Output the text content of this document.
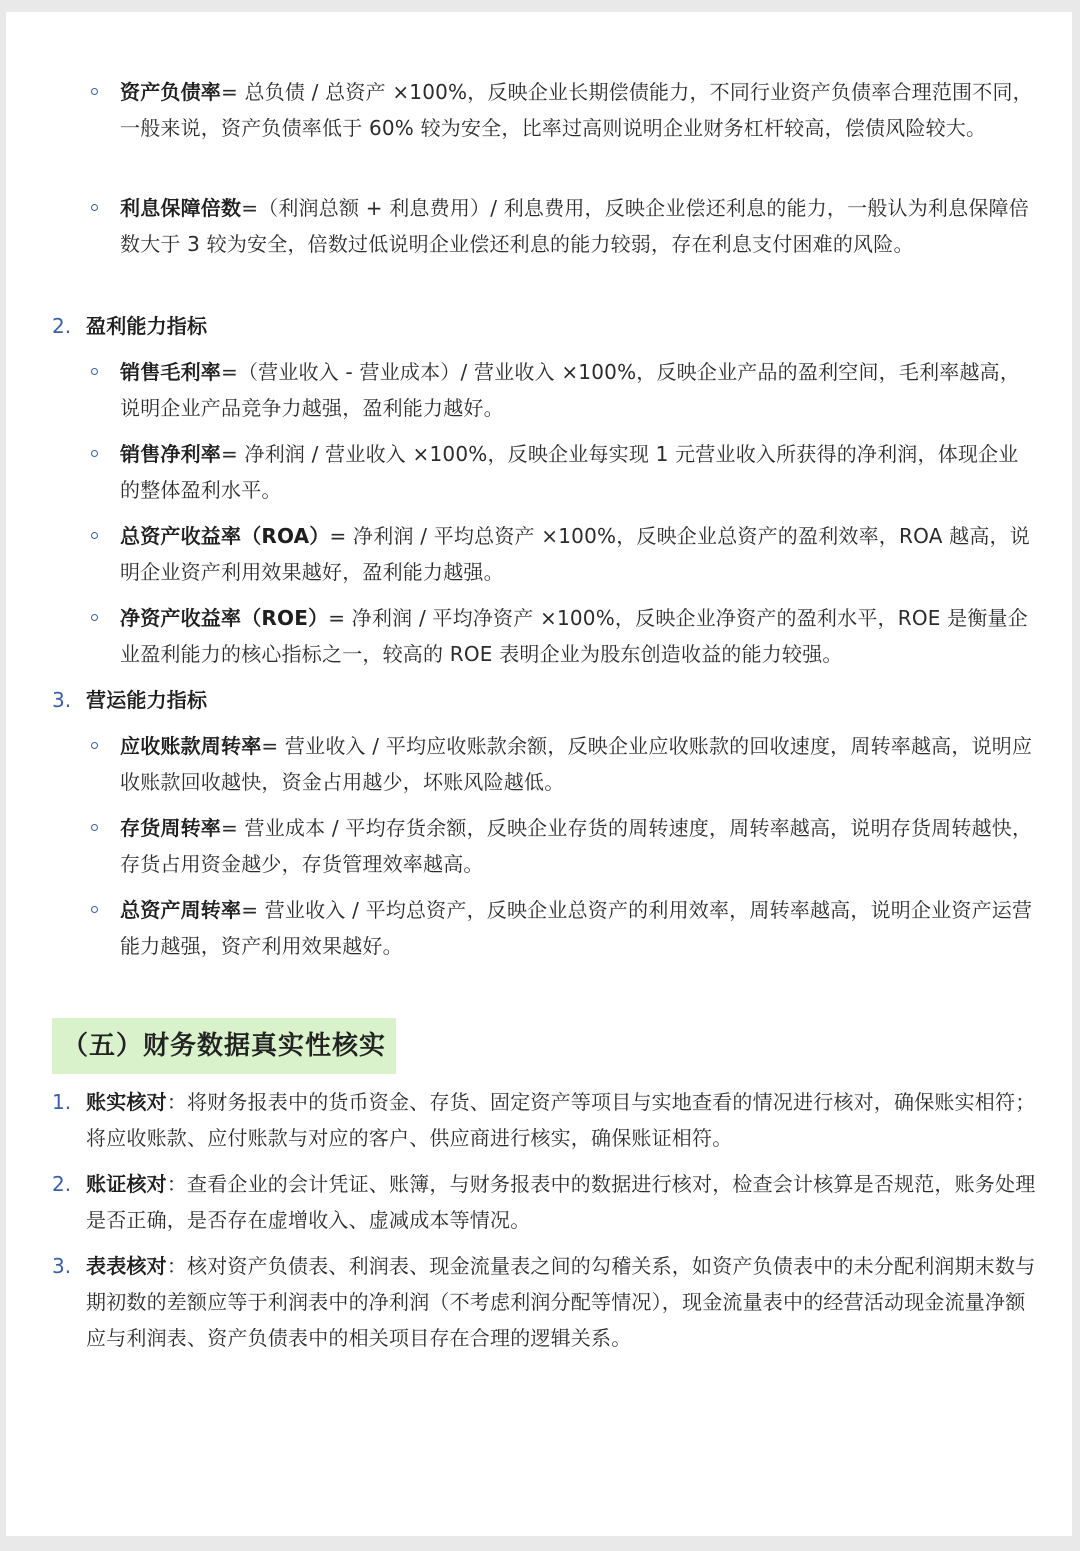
资产负债率= 总负债 / 总资产 ×100%，反映企业长期偿债能力，不同行业资产负债率合理范围不同，一般来说，资产负债率低于 60% 较为安全，比率过高则说明企业财务杠杆较高，偿债风险较大。
利息保障倍数=（利润总额 + 利息费用）/ 利息费用，反映企业偿还利息的能力，一般认为利息保障倍数大于 3 较为安全，倍数过低说明企业偿还利息的能力较弱，存在利息支付困难的风险。
2. 盈利能力指标
销售毛利率=（营业收入 - 营业成本）/ 营业收入 ×100%，反映企业产品的盈利空间，毛利率越高，说明企业产品竞争力越强，盈利能力越好。
销售净利率= 净利润 / 营业收入 ×100%，反映企业每实现 1 元营业收入所获得的净利润，体现企业的整体盈利水平。
总资产收益率（ROA）= 净利润 / 平均总资产 ×100%，反映企业总资产的盈利效率，ROA 越高，说明企业资产利用效果越好，盈利能力越强。
净资产收益率（ROE）= 净利润 / 平均净资产 ×100%，反映企业净资产的盈利水平，ROE 是衡量企业盈利能力的核心指标之一，较高的 ROE 表明企业为股东创造收益的能力较强。
3. 营运能力指标
应收账款周转率= 营业收入 / 平均应收账款余额，反映企业应收账款的回收速度，周转率越高，说明应收账款回收越快，资金占用越少，坏账风险越低。
存货周转率= 营业成本 / 平均存货余额，反映企业存货的周转速度，周转率越高，说明存货周转越快，存货占用资金越少，存货管理效率越高。
总资产周转率= 营业收入 / 平均总资产，反映企业总资产的利用效率，周转率越高，说明企业资产运营能力越强，资产利用效果越好。
（五）财务数据真实性核实
1. 账实核对：将财务报表中的货币资金、存货、固定资产等项目与实地查看的情况进行核对，确保账实相符；将应收账款、应付账款与对应的客户、供应商进行核实，确保账证相符。
2. 账证核对：查看企业的会计凭证、账簿，与财务报表中的数据进行核对，检查会计核算是否规范，账务处理是否正确，是否存在虚增收入、虚减成本等情况。
3. 表表核对：核对资产负债表、利润表、现金流量表之间的勾稽关系，如资产负债表中的未分配利润期末数与期初数的差额应等于利润表中的净利润（不考虑利润分配等情况），现金流量表中的经营活动现金流量净额应与利润表、资产负债表中的相关项目存在合理的逻辑关系。
